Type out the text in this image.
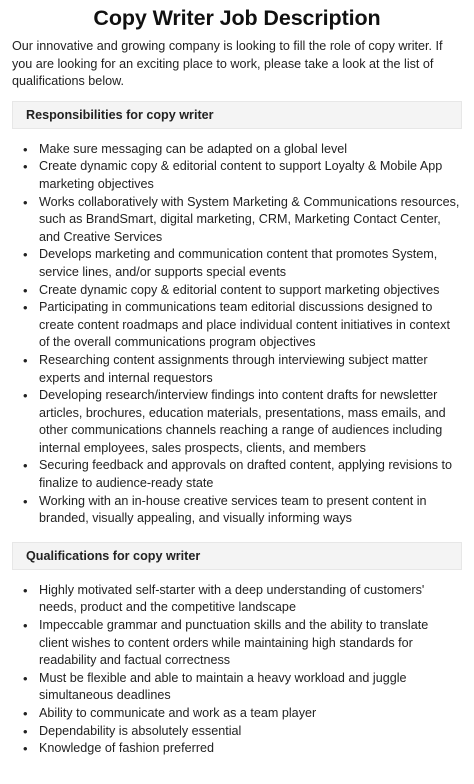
Copy Writer Job Description

Our innovative and growing company is looking to fill the role of copy writer. If you are looking for an exciting place to work, please take a look at the list of qualifications below.

Responsibilities for copy writer
• Make sure messaging can be adapted on a global level
• Create dynamic copy & editorial content to support Loyalty & Mobile App marketing objectives
• Works collaboratively with System Marketing & Communications resources, such as BrandSmart, digital marketing, CRM, Marketing Contact Center, and Creative Services
• Develops marketing and communication content that promotes System, service lines, and/or supports special events
• Create dynamic copy & editorial content to support marketing objectives
• Participating in communications team editorial discussions designed to create content roadmaps and place individual content initiatives in context of the overall communications program objectives
• Researching content assignments through interviewing subject matter experts and internal requestors
• Developing research/interview findings into content drafts for newsletter articles, brochures, education materials, presentations, mass emails, and other communications channels reaching a range of audiences including internal employees, sales prospects, clients, and members
• Securing feedback and approvals on drafted content, applying revisions to finalize to audience-ready state
• Working with an in-house creative services team to present content in branded, visually appealing, and visually informing ways
Qualifications for copy writer
• Highly motivated self-starter with a deep understanding of customers' needs, product and the competitive landscape
• Impeccable grammar and punctuation skills and the ability to translate client wishes to content orders while maintaining high standards for readability and factual correctness
• Must be flexible and able to maintain a heavy workload and juggle simultaneous deadlines
• Ability to communicate and work as a team player
• Dependability is absolutely essential
• Knowledge of fashion preferred
